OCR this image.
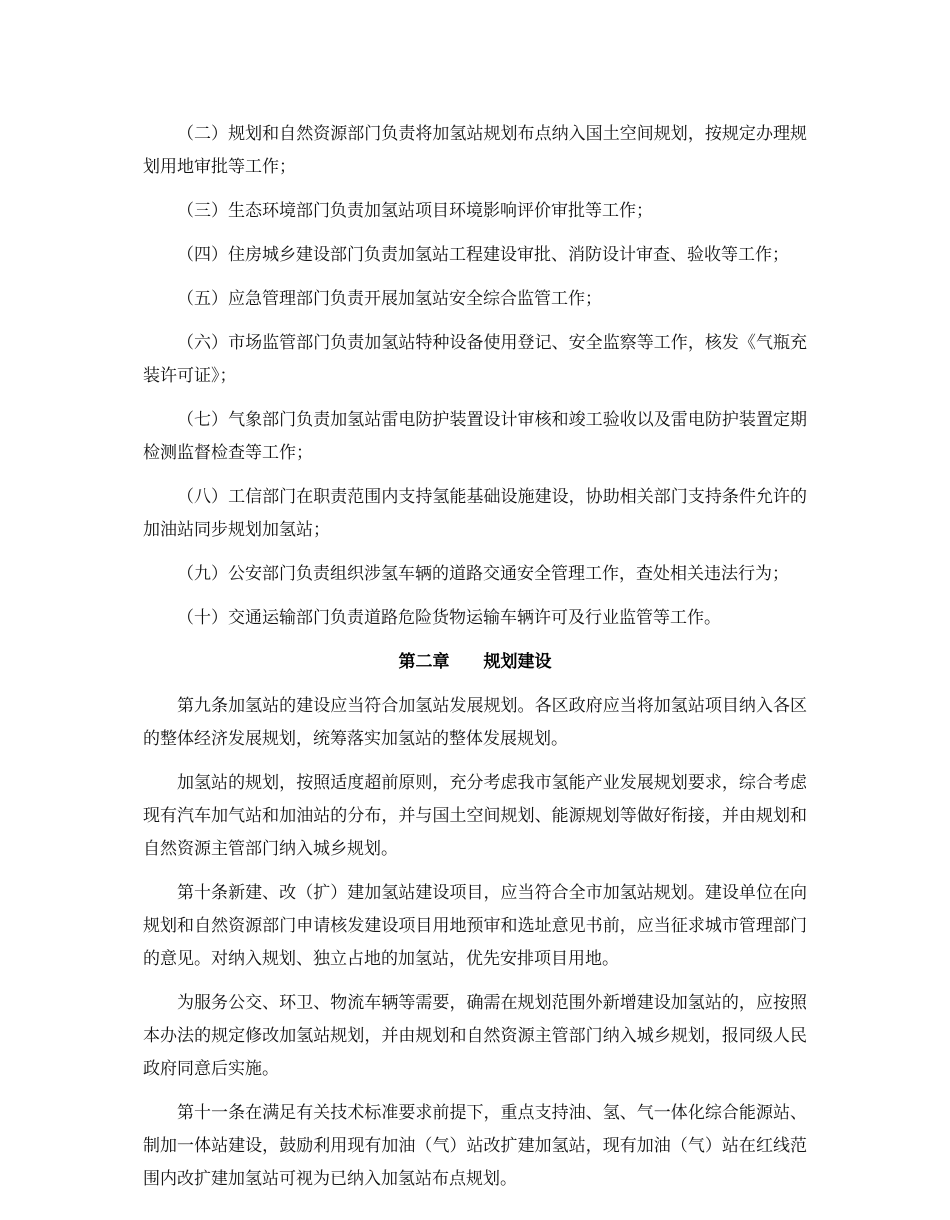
（二）规划和自然资源部门负责将加氢站规划布点纳入国土空间规划，按规定办理规划用地审批等工作；

（三）生态环境部门负责加氢站项目环境影响评价审批等工作；

（四）住房城乡建设部门负责加氢站工程建设审批、消防设计审查、验收等工作；

（五）应急管理部门负责开展加氢站安全综合监管工作；

（六）市场监管部门负责加氢站特种设备使用登记、安全监察等工作，核发《气瓶充装许可证》；

（七）气象部门负责加氢站雷电防护装置设计审核和竣工验收以及雷电防护装置定期检测监督检查等工作；

（八）工信部门在职责范围内支持氢能基础设施建设，协助相关部门支持条件允许的加油站同步规划加氢站；

（九）公安部门负责组织涉氢车辆的道路交通安全管理工作，查处相关违法行为；

（十）交通运输部门负责道路危险货物运输车辆许可及行业监管等工作。

第二章 规划建设

第九条加氢站的建设应当符合加氢站发展规划。各区政府应当将加氢站项目纳入各区的整体经济发展规划，统筹落实加氢站的整体发展规划。

加氢站的规划，按照适度超前原则，充分考虑我市氢能产业发展规划要求，综合考虑现有汽车加气站和加油站的分布，并与国土空间规划、能源规划等做好衔接，并由规划和自然资源主管部门纳入城乡规划。

第十条新建、改（扩）建加氢站建设项目，应当符合全市加氢站规划。建设单位在向规划和自然资源部门申请核发建设项目用地预审和选址意见书前，应当征求城市管理部门的意见。对纳入规划、独立占地的加氢站，优先安排项目用地。

为服务公交、环卫、物流车辆等需要，确需在规划范围外新增建设加氢站的，应按照本办法的规定修改加氢站规划，并由规划和自然资源主管部门纳入城乡规划，报同级人民政府同意后实施。

第十一条在满足有关技术标准要求前提下，重点支持油、氢、气一体化综合能源站、制加一体站建设，鼓励利用现有加油（气）站改扩建加氢站，现有加油（气）站在红线范围内改扩建加氢站可视为已纳入加氢站布点规划。
